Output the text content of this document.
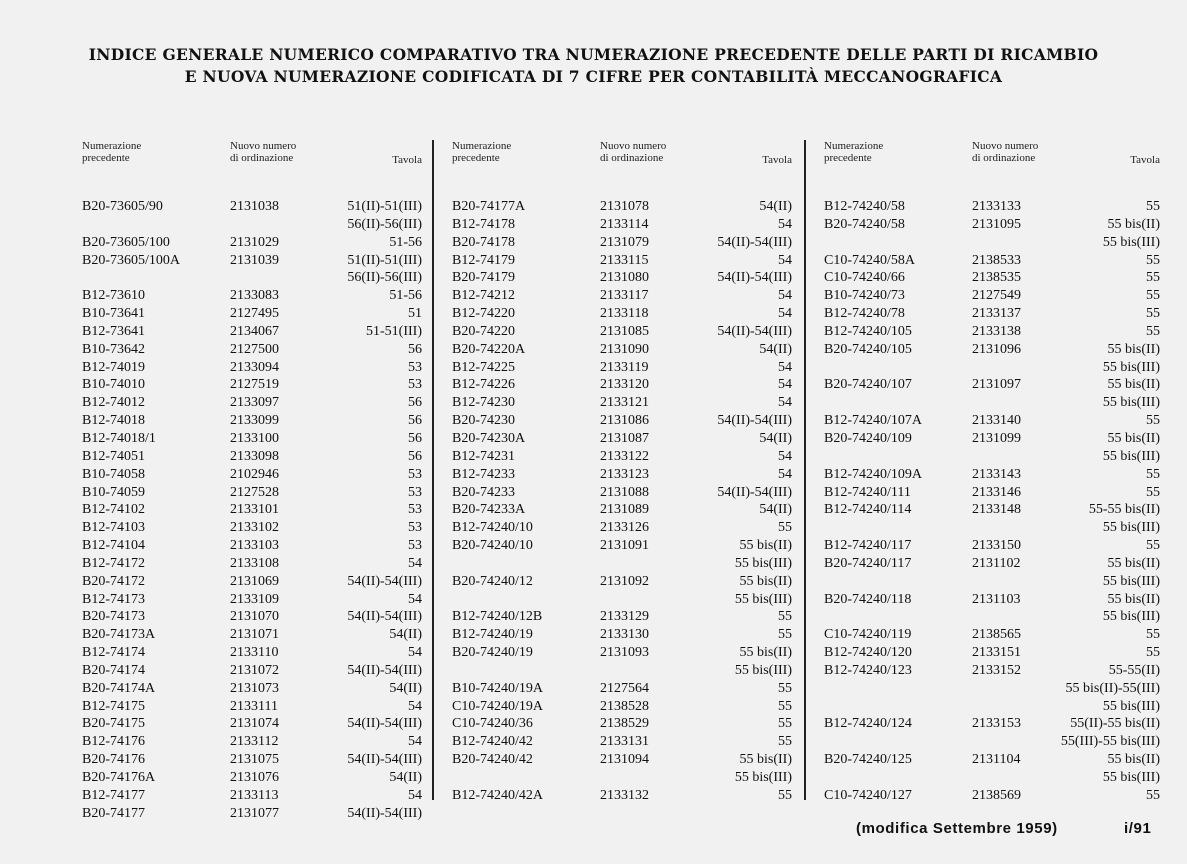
INDICE GENERALE NUMERICO COMPARATIVO TRA NUMERAZIONE PRECEDENTE DELLE PARTI DI RICAMBIO
E NUOVA NUMERAZIONE CODIFICATA DI 7 CIFRE PER CONTABILITÀ MECCANOGRAFICA
Numerazione
precedente
Nuovo numero
di ordinazione	Tavola
B20-73605/90	2131038	51(II)-51(III)
56(II)-56(III)
B20-73605/100	2131029	51-56
B20-73605/100A	2131039	51(II)-51(III)
56(II)-56(III)
B12-73610	2133083	51-56
B10-73641	2127495	51
B12-73641	2134067	51-51(III)
B10-73642	2127500	56
B12-74019	2133094	53
B10-74010	2127519	53
B12-74012	2133097	56
B12-74018	2133099	56
B12-74018/1	2133100	56
B12-74051	2133098	56
B10-74058	2102946	53
B10-74059	2127528	53
B12-74102	2133101	53
B12-74103	2133102	53
B12-74104	2133103	53
B12-74172	2133108	54
B20-74172	2131069	54(II)-54(III)
B12-74173	2133109	54
B20-74173	2131070	54(II)-54(III)
B20-74173A	2131071	54(II)
B12-74174	2133110	54
B20-74174	2131072	54(II)-54(III)
B20-74174A	2131073	54(II)
B12-74175	2133111	54
B20-74175	2131074	54(II)-54(III)
B12-74176	2133112	54
B20-74176	2131075	54(II)-54(III)
B20-74176A	2131076	54(II)
B12-74177	2133113	54
B20-74177	2131077	54(II)-54(III)
Numerazione
precedente
Nuovo numero
di ordinazione	Tavola
B20-74177A	2131078	54(II)
B12-74178	2133114	54
B20-74178	2131079	54(II)-54(III)
B12-74179	2133115	54
B20-74179	2131080	54(II)-54(III)
B12-74212	2133117	54
B12-74220	2133118	54
B20-74220	2131085	54(II)-54(III)
B20-74220A	2131090	54(II)
B12-74225	2133119	54
B12-74226	2133120	54
B12-74230	2133121	54
B20-74230	2131086	54(II)-54(III)
B20-74230A	2131087	54(II)
B12-74231	2133122	54
B12-74233	2133123	54
B20-74233	2131088	54(II)-54(III)
B20-74233A	2131089	54(II)
B12-74240/10	2133126	55
B20-74240/10	2131091	55 bis(II)
55 bis(III)
B20-74240/12	2131092	55 bis(II)
55 bis(III)
B12-74240/12B	2133129	55
B12-74240/19	2133130	55
B20-74240/19	2131093	55 bis(II)
55 bis(III)
B10-74240/19A	2127564	55
C10-74240/19A	2138528	55
C10-74240/36	2138529	55
B12-74240/42	2133131	55
B20-74240/42	2131094	55 bis(II)
55 bis(III)
B12-74240/42A	2133132	55
Numerazione
precedente
Nuovo numero
di ordinazione	Tavola
B12-74240/58	2133133	55
B20-74240/58	2131095	55 bis(II)
55 bis(III)
C10-74240/58A	2138533	55
C10-74240/66	2138535	55
B10-74240/73	2127549	55
B12-74240/78	2133137	55
B12-74240/105	2133138	55
B20-74240/105	2131096	55 bis(II)
55 bis(III)
B20-74240/107	2131097	55 bis(II)
55 bis(III)
B12-74240/107A	2133140	55
B20-74240/109	2131099	55 bis(II)
55 bis(III)
B12-74240/109A	2133143	55
B12-74240/111	2133146	55
B12-74240/114	2133148	55-55 bis(II)
55 bis(III)
B12-74240/117	2133150	55
B20-74240/117	2131102	55 bis(II)
55 bis(III)
B20-74240/118	2131103	55 bis(II)
55 bis(III)
C10-74240/119	2138565	55
B12-74240/120	2133151	55
B12-74240/123	2133152	55-55(II)
55 bis(II)-55(III)
55 bis(III)
B12-74240/124	2133153	55(II)-55 bis(II)
55(III)-55 bis(III)
B20-74240/125	2131104	55 bis(II)
55 bis(III)
C10-74240/127	2138569	55
(modifica Settembre 1959)	i/91
